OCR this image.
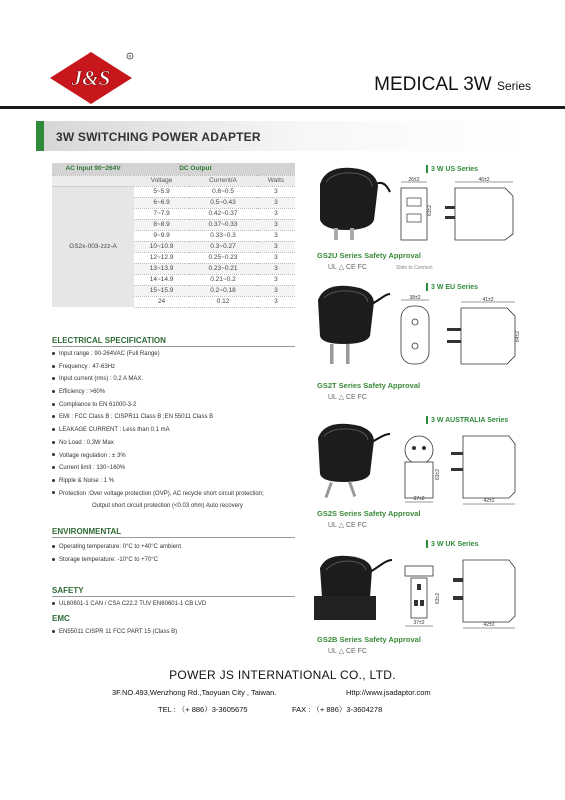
J&S
R
MEDICAL 3W Series
3W SWITCHING POWER ADAPTER
AC Input 90~264V	DC Output		
	Voltage	Current/A	Watts
GS2x-003-zzz-A	5~5.9	0.6~0.5	3
	6~6.9	0.5~0.43	3
	7~7.9	0.42~0.37	3
	8~8.9	0.37~0.33	3
	9~9.9	0.33~0.3	3
	10~10.9	0.3~0.27	3
	12~12.9	0.25~0.23	3
	13~13.9	0.23~0.21	3
	14~14.9	0.21~0.2	3
	15~15.9	0.2~0.18	3
	24	0.12	3
ELECTRICAL SPECIFICATION
Input range : 90-264VAC (Full Range)
Frequency : 47-63Hz
Input current (rms) : 0.2 A MAX.
Efficiency : >60%
Compliance to EN 61000-3-2
EMI : FCC Class B ; CISPR11 Class B ;EN 55011 Class B
LEAKAGE CURRENT : Less than 0.1 mA
No Load : 0.3W Max
Voltage regulation : ± 3%
Current limit : 130~160%
Ripple & Noise : 1 %
Protection :Over voltage protection (OVP), AC recycle short circuit protection;
Output short circuit protection (<0.03 ohm) Auto recovery
ENVIRONMENTAL
Operating temperature: 0°C to +40°C ambient
Storage temperature: -10°C to +70°C
SAFETY
UL60601-1 CAN / CSA C22.2 TUV EN60601-1 CB LVD
EMC
EN55011 CISPR 11 FCC PART 15 (Class B)
3 W US Series
26±2
63±2
46±2
GS2U Series Safety Approval
UL △ CE FC	Slide to Connect
3 W EU Series
38±2	41±2
64±2
GS2T Series Safety Approval
UL △ CE FC
3 W AUSTRALIA Series
37±2
63±2
42±2
GS2S Series Safety Approval
UL △ CE FC
3 W UK Series
37±2
63±2
42±2
GS2B Series Safety Approval
UL △ CE FC
POWER JS INTERNATIONAL CO., LTD.
3F.NO.493,Wenzhong Rd.,Taoyuan City , Taiwan.	Http://www.jsadaptor.com
TEL : （+ 886）3-3605675	FAX : （+ 886）3-3604278
